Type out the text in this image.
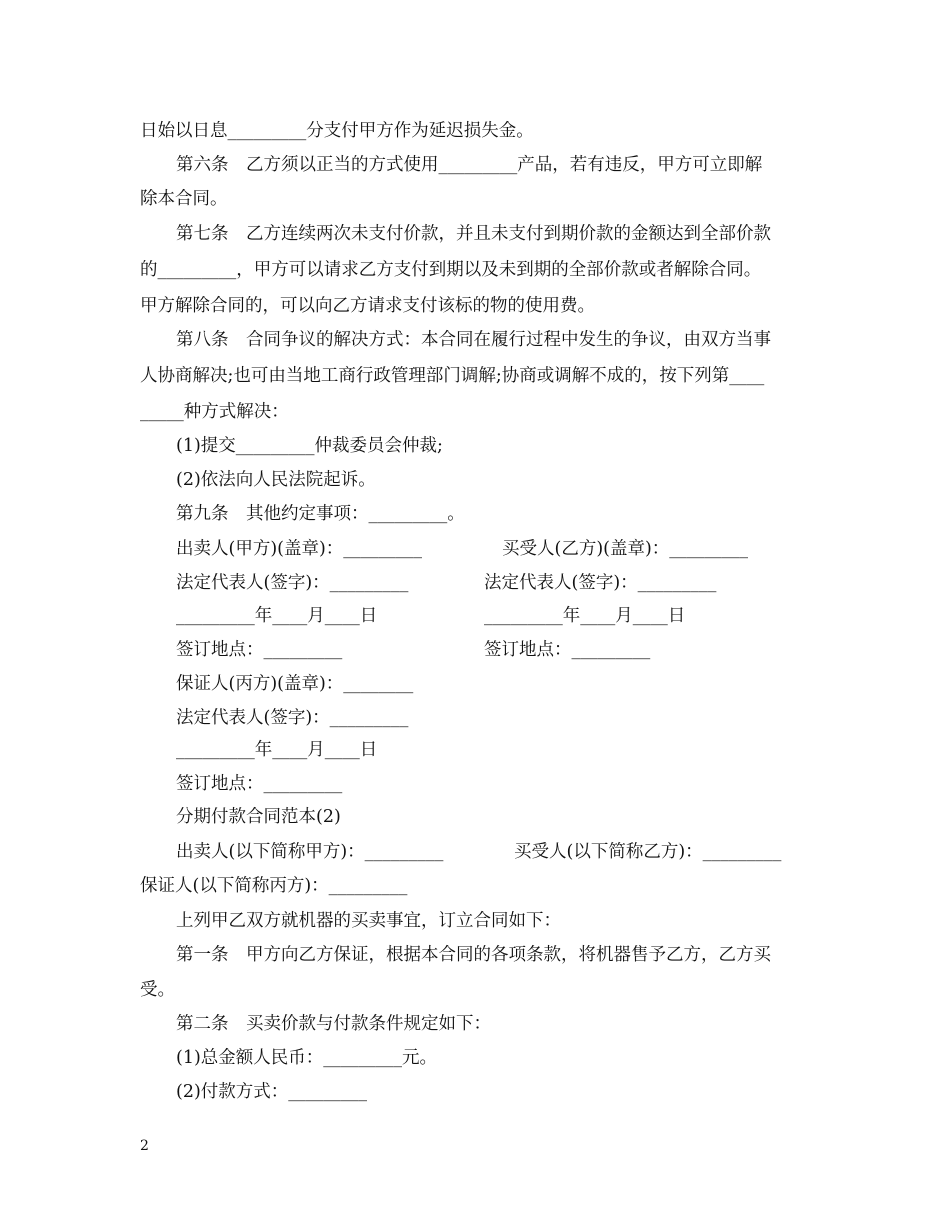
日始以日息_________分支付甲方作为延迟损失金。

第六条　乙方须以正当的方式使用_________产品，若有违反，甲方可立即解

除本合同。

第七条　乙方连续两次未支付价款，并且未支付到期价款的金额达到全部价款

的_________，甲方可以请求乙方支付到期以及未到期的全部价款或者解除合同。

甲方解除合同的，可以向乙方请求支付该标的物的使用费。

第八条　合同争议的解决方式：本合同在履行过程中发生的争议，由双方当事

人协商解决;也可由当地工商行政管理部门调解;协商或调解不成的，按下列第____

_____种方式解决：

(1)提交_________仲裁委员会仲裁;

(2)依法向人民法院起诉。

第九条　其他约定事项：_________。

出卖人(甲方)(盖章)：_________	买受人(乙方)(盖章)：_________

法定代表人(签字)：_________	法定代表人(签字)：_________

_________年____月____日	_________年____月____日

签订地点：_________	签订地点：_________

保证人(丙方)(盖章)：________

法定代表人(签字)：_________

_________年____月____日

签订地点：_________

分期付款合同范本(2)

出卖人(以下简称甲方)：_________	买受人(以下简称乙方)：_________

保证人(以下简称丙方)：_________

上列甲乙双方就机器的买卖事宜，订立合同如下：

第一条　甲方向乙方保证，根据本合同的各项条款，将机器售予乙方，乙方买

受。

第二条　买卖价款与付款条件规定如下：

(1)总金额人民币：_________元。

(2)付款方式：_________

2
